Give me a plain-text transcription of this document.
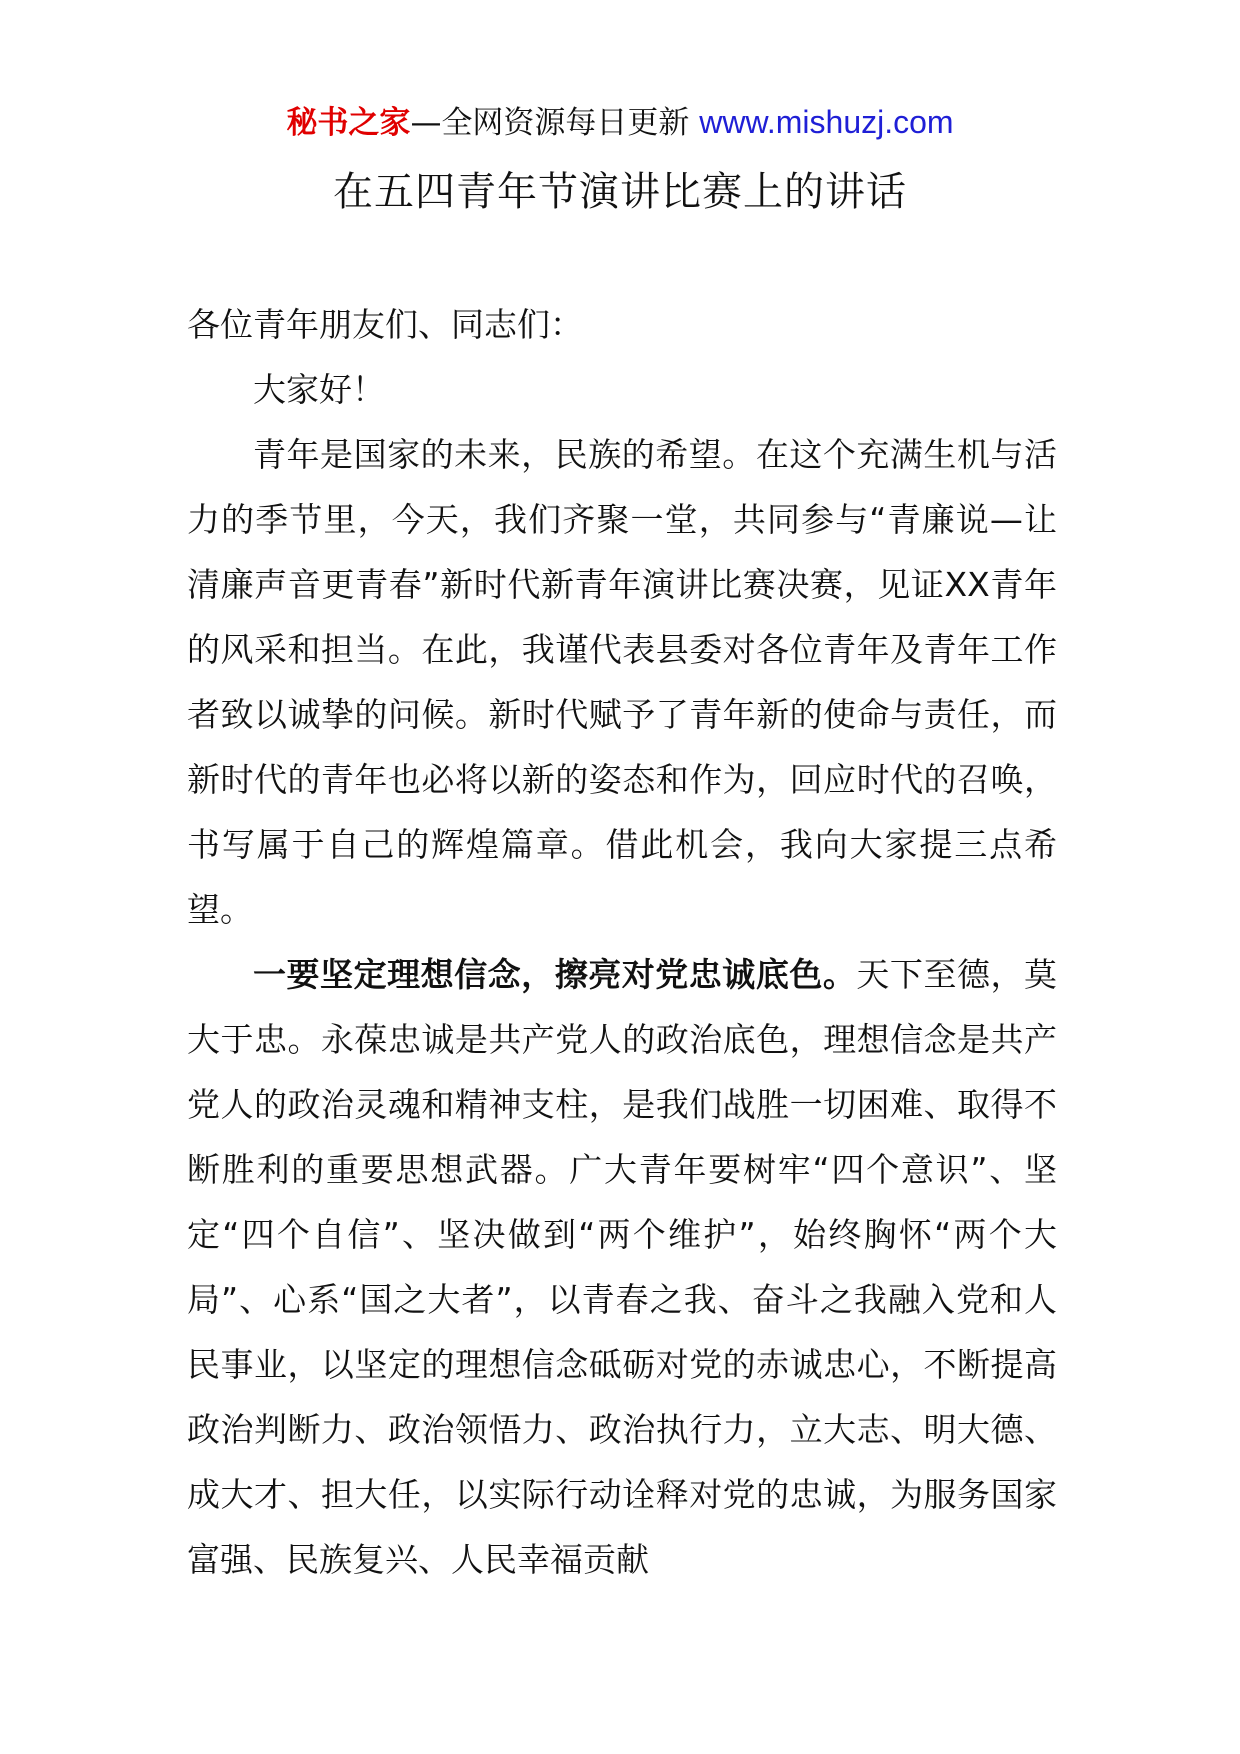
秘书之家—全网资源每日更新 www.mishuzj.com
在五四青年节演讲比赛上的讲话

各位青年朋友们、同志们：

大家好！

青年是国家的未来，民族的希望。在这个充满生机与活力的季节里，今天，我们齐聚一堂，共同参与“青廉说—让清廉声音更青春”新时代新青年演讲比赛决赛，见证XX青年的风采和担当。在此，我谨代表县委对各位青年及青年工作者致以诚挚的问候。新时代赋予了青年新的使命与责任，而新时代的青年也必将以新的姿态和作为，回应时代的召唤，书写属于自己的辉煌篇章。借此机会，我向大家提三点希望。

一要坚定理想信念，擦亮对党忠诚底色。天下至德，莫大于忠。永葆忠诚是共产党人的政治底色，理想信念是共产党人的政治灵魂和精神支柱，是我们战胜一切困难、取得不断胜利的重要思想武器。广大青年要树牢“四个意识”、坚定“四个自信”、坚决做到“两个维护”，始终胸怀“两个大局”、心系“国之大者”，以青春之我、奋斗之我融入党和人民事业，以坚定的理想信念砥砺对党的赤诚忠心，不断提高政治判断力、政治领悟力、政治执行力，立大志、明大德、成大才、担大任，以实际行动诠释对党的忠诚，为服务国家富强、民族复兴、人民幸福贡献
